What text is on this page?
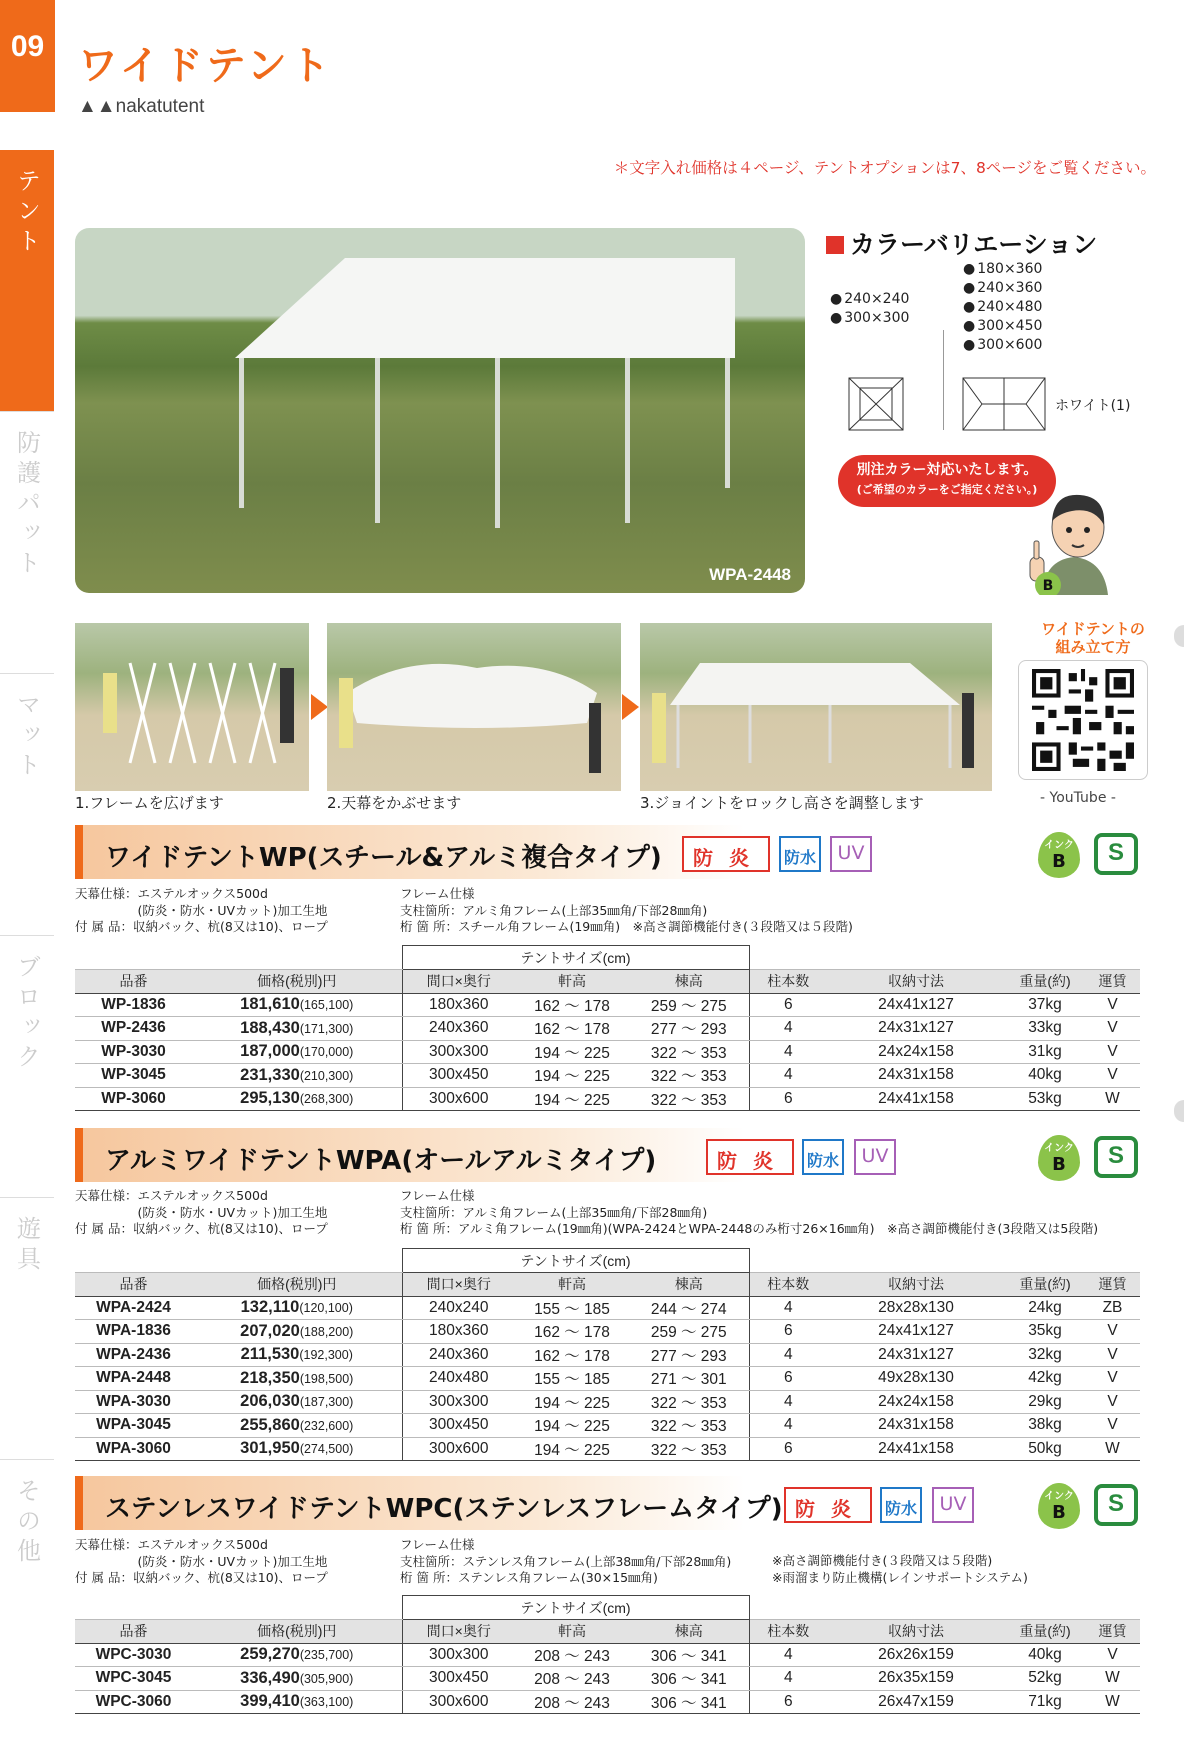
09 ワイドテント
▲▲nakatutent
テント
防護パット
マット
ブロック
遊具
その他
＊文字入れ価格は４ページ、テントオプションは7、8ページをご覧ください。
WPA-2448
カラーバリエーション
● 240×240
● 300×300
● 180×360
● 240×360
● 240×480
● 300×450
● 300×600
ホワイト(1)
別注カラー対応いたします。
(ご希望のカラーをご指定ください。)
B
1.フレームを広げます	2.天幕をかぶせます	3.ジョイントをロックし高さを調整します
ワイドテントの
組み立て方
- YouTube -
ワイドテントWP(スチール&アルミ複合タイプ)	防炎	防水	UV	インク
B	S
天幕仕様：エステルオックス500d
　　　　　(防炎・防水・UVカット)加工生地
付 属 品：収納バック、杭(8又は10)、ロープ
フレーム仕様
支柱箇所：アルミ角フレーム(上部35㎜角/下部28㎜角)
桁 箇 所：スチール角フレーム(19㎜角)　※高さ調節機能付き(３段階又は５段階)
		テントサイズ(cm)						
品番	価格(税別)円	間口×奥行	軒高	棟高	柱本数	収納寸法	重量(約)	運賃
WP-1836	181,610(165,100)	180x360	162 ～ 178	259 ～ 275	6	24x41x127	37kg	V
WP-2436	188,430(171,300)	240x360	162 ～ 178	277 ～ 293	4	24x31x127	33kg	V
WP-3030	187,000(170,000)	300x300	194 ～ 225	322 ～ 353	4	24x24x158	31kg	V
WP-3045	231,330(210,300)	300x450	194 ～ 225	322 ～ 353	4	24x31x158	40kg	V
WP-3060	295,130(268,300)	300x600	194 ～ 225	322 ～ 353	6	24x41x158	53kg	W
アルミワイドテントWPA(オールアルミタイプ)	防炎	防水	UV	インク
B	S
天幕仕様：エステルオックス500d
　　　　　(防炎・防水・UVカット)加工生地
付 属 品：収納バック、杭(8又は10)、ロープ
フレーム仕様
支柱箇所：アルミ角フレーム(上部35㎜角/下部28㎜角)
桁 箇 所：アルミ角フレーム(19㎜角)(WPA-2424とWPA-2448のみ桁寸26×16㎜角)　※高さ調節機能付き(3段階又は5段階)
		テントサイズ(cm)						
品番	価格(税別)円	間口×奥行	軒高	棟高	柱本数	収納寸法	重量(約)	運賃
WPA-2424	132,110(120,100)	240x240	155 ～ 185	244 ～ 274	4	28x28x130	24kg	ZB
WPA-1836	207,020(188,200)	180x360	162 ～ 178	259 ～ 275	6	24x41x127	35kg	V
WPA-2436	211,530(192,300)	240x360	162 ～ 178	277 ～ 293	4	24x31x127	32kg	V
WPA-2448	218,350(198,500)	240x480	155 ～ 185	271 ～ 301	6	49x28x130	42kg	V
WPA-3030	206,030(187,300)	300x300	194 ～ 225	322 ～ 353	4	24x24x158	29kg	V
WPA-3045	255,860(232,600)	300x450	194 ～ 225	322 ～ 353	4	24x31x158	38kg	V
WPA-3060	301,950(274,500)	300x600	194 ～ 225	322 ～ 353	6	24x41x158	50kg	W
ステンレスワイドテントWPC(ステンレスフレームタイプ) 防炎	防水	UV	インク
B	S
天幕仕様：エステルオックス500d
　　　　　(防炎・防水・UVカット)加工生地
付 属 品：収納バック、杭(8又は10)、ロープ
フレーム仕様
支柱箇所：ステンレス角フレーム(上部38㎜角/下部28㎜角)
桁 箇 所：ステンレス角フレーム(30×15㎜角)
※高さ調節機能付き(３段階又は５段階)
※雨溜まり防止機構(レインサポートシステム)
		テントサイズ(cm)						
品番	価格(税別)円	間口×奥行	軒高	棟高	柱本数	収納寸法	重量(約)	運賃
WPC-3030	259,270(235,700)	300x300	208 ～ 243	306 ～ 341	4	26x26x159	40kg	V
WPC-3045	336,490(305,900)	300x450	208 ～ 243	306 ～ 341	4	26x35x159	52kg	W
WPC-3060	399,410(363,100)	300x600	208 ～ 243	306 ～ 341	6	26x47x159	71kg	W
